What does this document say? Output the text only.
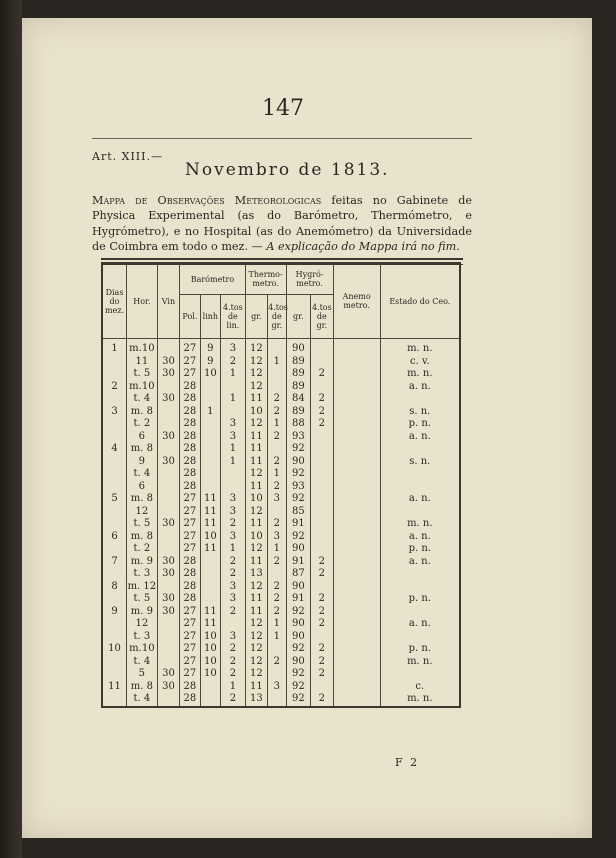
147
Art. XIII.—
Novembro de 1813.
Mappa de Observações Meteorologicas feitas no Gabinete de Physica Experimental (as do Barómetro, Thermómetro, e Hygrómetro), e no Hospital (as do Anemómetro) da Universidade de Coimbra em todo o mez. — A explicação do Mappa irá no fim.
Dias do mez.	Hor.	Vin	Barómetro			Thermo-metro.		Hygró-metro.		Anemo metro.	Estado do Ceo.
			Pol.	linh	4.tos de lin.	gr.	4.tos de gr.	gr.	4.tos de gr.		
1	m.10		27	9	3	12		90			m. n.
	11	30	27	9	2	12	1	89			c. v.
	t. 5	30	27	10	1	12		89	2		m. n.
2	m.10		28			12		89			a. n.
	t. 4	30	28		1	11	2	84	2		
3	m. 8		28	1		10	2	89	2		s. n.
	t. 2		28		3	12	1	88	2		p. n.
	6	30	28		3	11	2	93			a. n.
4	m. 8		28		1	11		92			
	9	30	28		1	11	2	90			s. n.
	t. 4		28			12	1	92			
	6		28			11	2	93			
5	m. 8		27	11	3	10	3	92			a. n.
	12		27	11	3	12		85			
	t. 5	30	27	11	2	11	2	91			m. n.
6	m. 8		27	10	3	10	3	92			a. n.
	t. 2		27	11	1	12	1	90			p. n.
7	m. 9	30	28		2	11	2	91	2		a. n.
	t. 3	30	28		2	13		87	2		
8	m. 12		28		3	12	2	90			
	t. 5	30	28		3	11	2	91	2		p. n.
9	m. 9	30	27	11	2	11	2	92	2		
	12		27	11		12	1	90	2		a. n.
	t. 3		27	10	3	12	1	90			
10	m.10		27	10	2	12		92	2		p. n.
	t. 4		27	10	2	12	2	90	2		m. n.
	5	30	27	10	2	12		92	2		
11	m. 8	30	28		1	11	3	92			c.
	t. 4		28		2	13		92	2		m. n.
F 2
